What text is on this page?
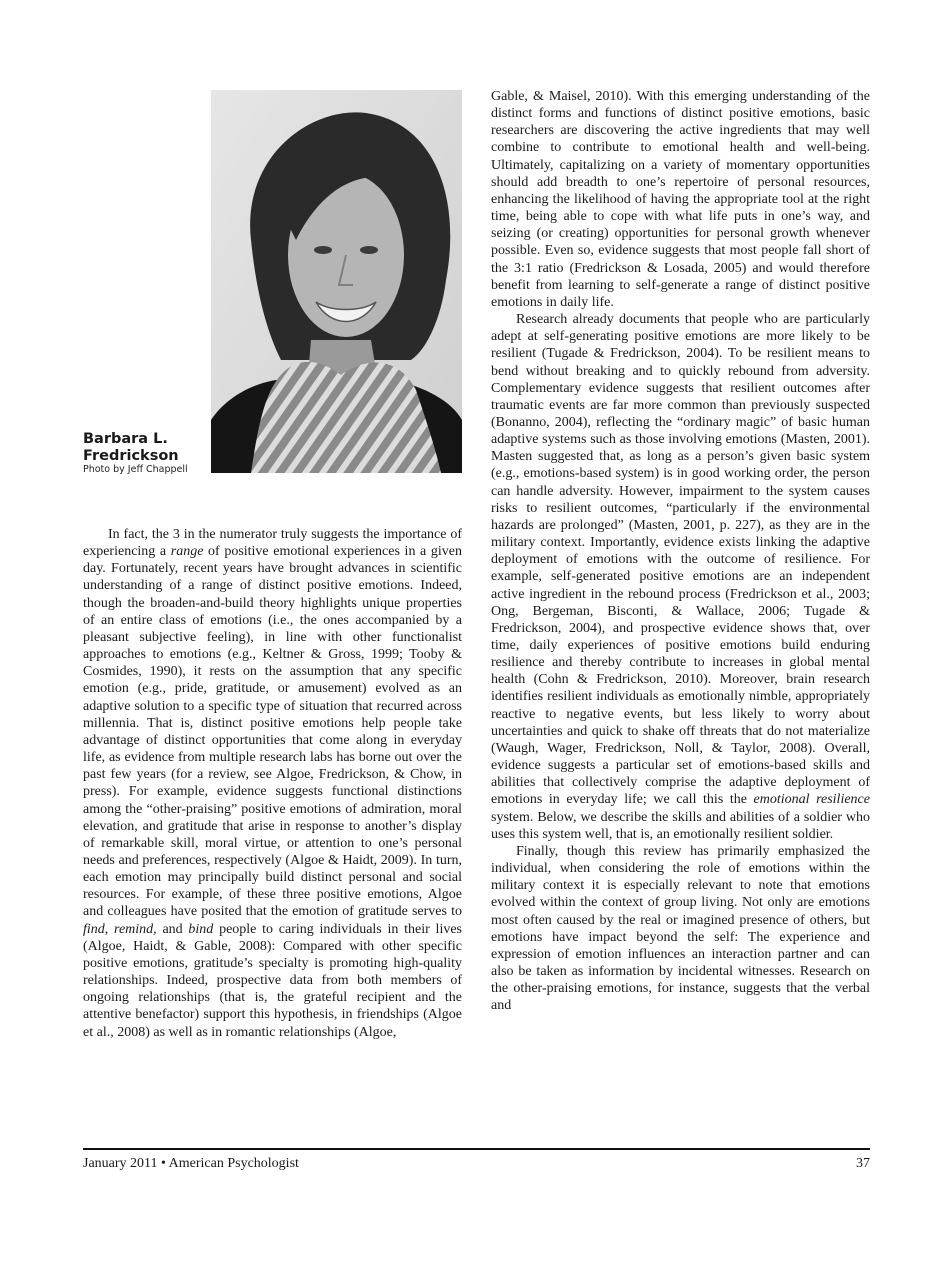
Barbara L. Fredrickson
Photo by Jeff Chappell

In fact, the 3 in the numerator truly suggests the importance of experiencing a range of positive emotional experiences in a given day. Fortunately, recent years have brought advances in scientific understanding of a range of distinct positive emotions. Indeed, though the broaden-and-build theory highlights unique properties of an entire class of emotions (i.e., the ones accompanied by a pleasant subjective feeling), in line with other functionalist approaches to emotions (e.g., Keltner & Gross, 1999; Tooby & Cosmides, 1990), it rests on the assumption that any specific emotion (e.g., pride, gratitude, or amusement) evolved as an adaptive solution to a specific type of situation that recurred across millennia. That is, distinct positive emotions help people take advantage of distinct opportunities that come along in everyday life, as evidence from multiple research labs has borne out over the past few years (for a review, see Algoe, Fredrickson, & Chow, in press). For example, evidence suggests functional distinctions among the “other-praising” positive emotions of admiration, moral elevation, and gratitude that arise in response to another’s display of remarkable skill, moral virtue, or attention to one’s personal needs and preferences, respectively (Algoe & Haidt, 2009). In turn, each emotion may principally build distinct personal and social resources. For example, of these three positive emotions, Algoe and colleagues have posited that the emotion of gratitude serves to find, remind, and bind people to caring individuals in their lives (Algoe, Haidt, & Gable, 2008): Compared with other specific positive emotions, gratitude’s specialty is promoting high-quality relationships. Indeed, prospective data from both members of ongoing relationships (that is, the grateful recipient and the attentive benefactor) support this hypothesis, in friendships (Algoe et al., 2008) as well as in romantic relationships (Algoe,

Gable, & Maisel, 2010). With this emerging understanding of the distinct forms and functions of distinct positive emotions, basic researchers are discovering the active ingredients that may well combine to contribute to emotional health and well-being. Ultimately, capitalizing on a variety of momentary opportunities should add breadth to one’s repertoire of personal resources, enhancing the likelihood of having the appropriate tool at the right time, being able to cope with what life puts in one’s way, and seizing (or creating) opportunities for personal growth whenever possible. Even so, evidence suggests that most people fall short of the 3:1 ratio (Fredrickson & Losada, 2005) and would therefore benefit from learning to self-generate a range of distinct positive emotions in daily life.

Research already documents that people who are particularly adept at self-generating positive emotions are more likely to be resilient (Tugade & Fredrickson, 2004). To be resilient means to bend without breaking and to quickly rebound from adversity. Complementary evidence suggests that resilient outcomes after traumatic events are far more common than previously suspected (Bonanno, 2004), reflecting the “ordinary magic” of basic human adaptive systems such as those involving emotions (Masten, 2001). Masten suggested that, as long as a person’s given basic system (e.g., emotions-based system) is in good working order, the person can handle adversity. However, impairment to the system causes risks to resilient outcomes, “particularly if the environmental hazards are prolonged” (Masten, 2001, p. 227), as they are in the military context. Importantly, evidence exists linking the adaptive deployment of emotions with the outcome of resilience. For example, self-generated positive emotions are an independent active ingredient in the rebound process (Fredrickson et al., 2003; Ong, Bergeman, Bisconti, & Wallace, 2006; Tugade & Fredrickson, 2004), and prospective evidence shows that, over time, daily experiences of positive emotions build enduring resilience and thereby contribute to increases in global mental health (Cohn & Fredrickson, 2010). Moreover, brain research identifies resilient individuals as emotionally nimble, appropriately reactive to negative events, but less likely to worry about uncertainties and quick to shake off threats that do not materialize (Waugh, Wager, Fredrickson, Noll, & Taylor, 2008). Overall, evidence suggests a particular set of emotions-based skills and abilities that collectively comprise the adaptive deployment of emotions in everyday life; we call this the emotional resilience system. Below, we describe the skills and abilities of a soldier who uses this system well, that is, an emotionally resilient soldier.

Finally, though this review has primarily emphasized the individual, when considering the role of emotions within the military context it is especially relevant to note that emotions evolved within the context of group living. Not only are emotions most often caused by the real or imagined presence of others, but emotions have impact beyond the self: The experience and expression of emotion influences an interaction partner and can also be taken as information by incidental witnesses. Research on the other-praising emotions, for instance, suggests that the verbal and

January 2011 • American Psychologist	37
